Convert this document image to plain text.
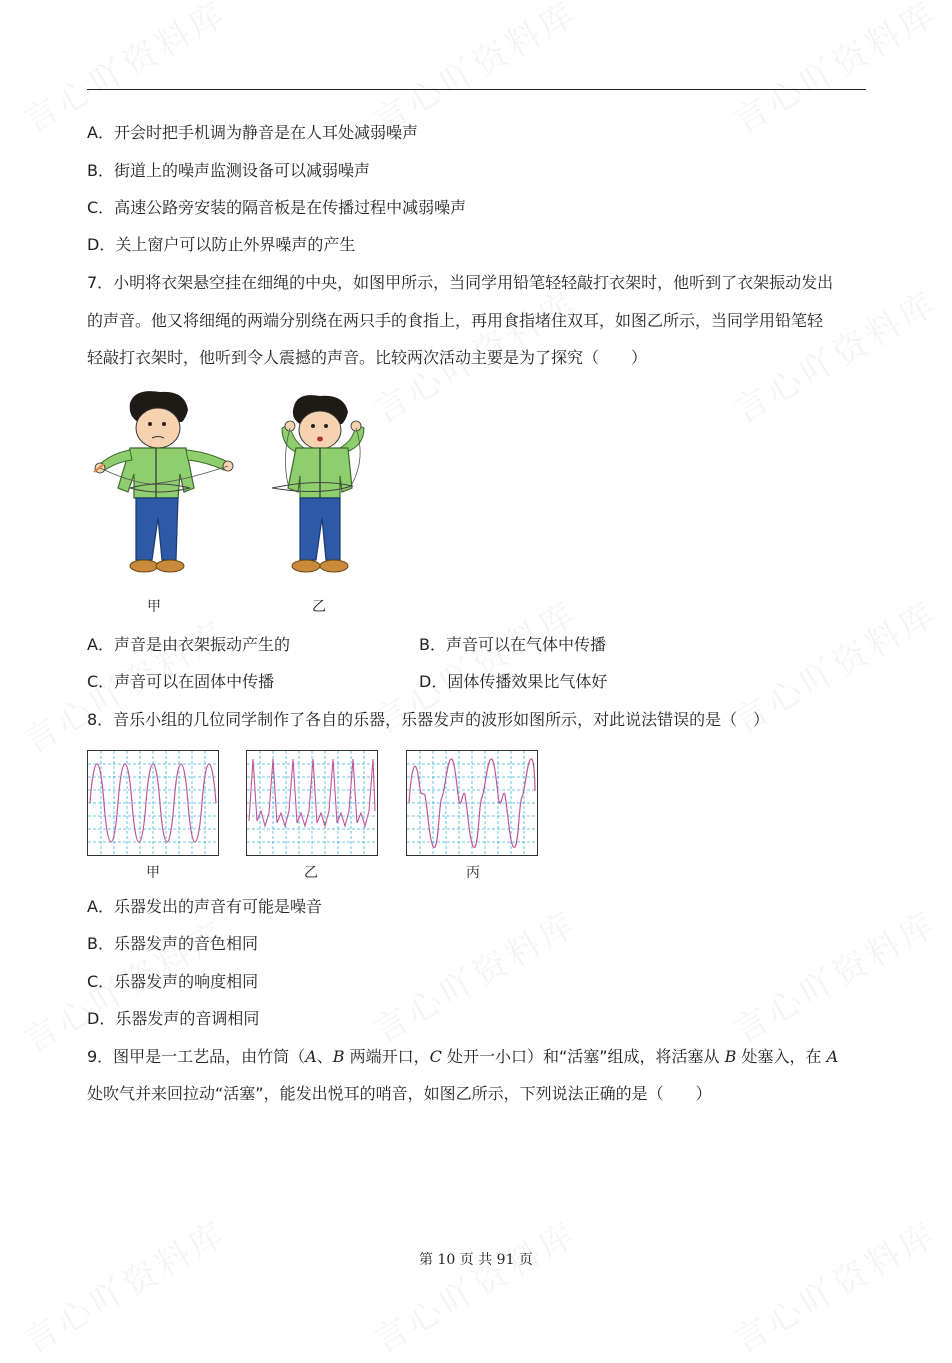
A．开会时把手机调为静音是在人耳处减弱噪声
B．街道上的噪声监测设备可以减弱噪声
C．高速公路旁安装的隔音板是在传播过程中减弱噪声
D．关上窗户可以防止外界噪声的产生
7．小明将衣架悬空挂在细绳的中央，如图甲所示，当同学用铅笔轻轻敲打衣架时，他听到了衣架振动发出
的声音。他又将细绳的两端分别绕在两只手的食指上，再用食指堵住双耳，如图乙所示，当同学用铅笔轻
轻敲打衣架时，他听到令人震撼的声音。比较两次活动主要是为了探究（　　）
甲	乙
A．声音是由衣架振动产生的	B．声音可以在气体中传播
C．声音可以在固体中传播	D．固体传播效果比气体好
8．音乐小组的几位同学制作了各自的乐器，乐器发声的波形如图所示，对此说法错误的是（　）
甲	乙	丙
A．乐器发出的声音有可能是噪音
B．乐器发声的音色相同
C．乐器发声的响度相同
D．乐器发声的音调相同
9．图甲是一工艺品，由竹筒（A、B 两端开口，C 处开一小口）和“活塞”组成，将活塞从 B 处塞入，在 A
处吹气并来回拉动“活塞”，能发出悦耳的哨音，如图乙所示，下列说法正确的是（　　）
第 10 页 共 91 页
